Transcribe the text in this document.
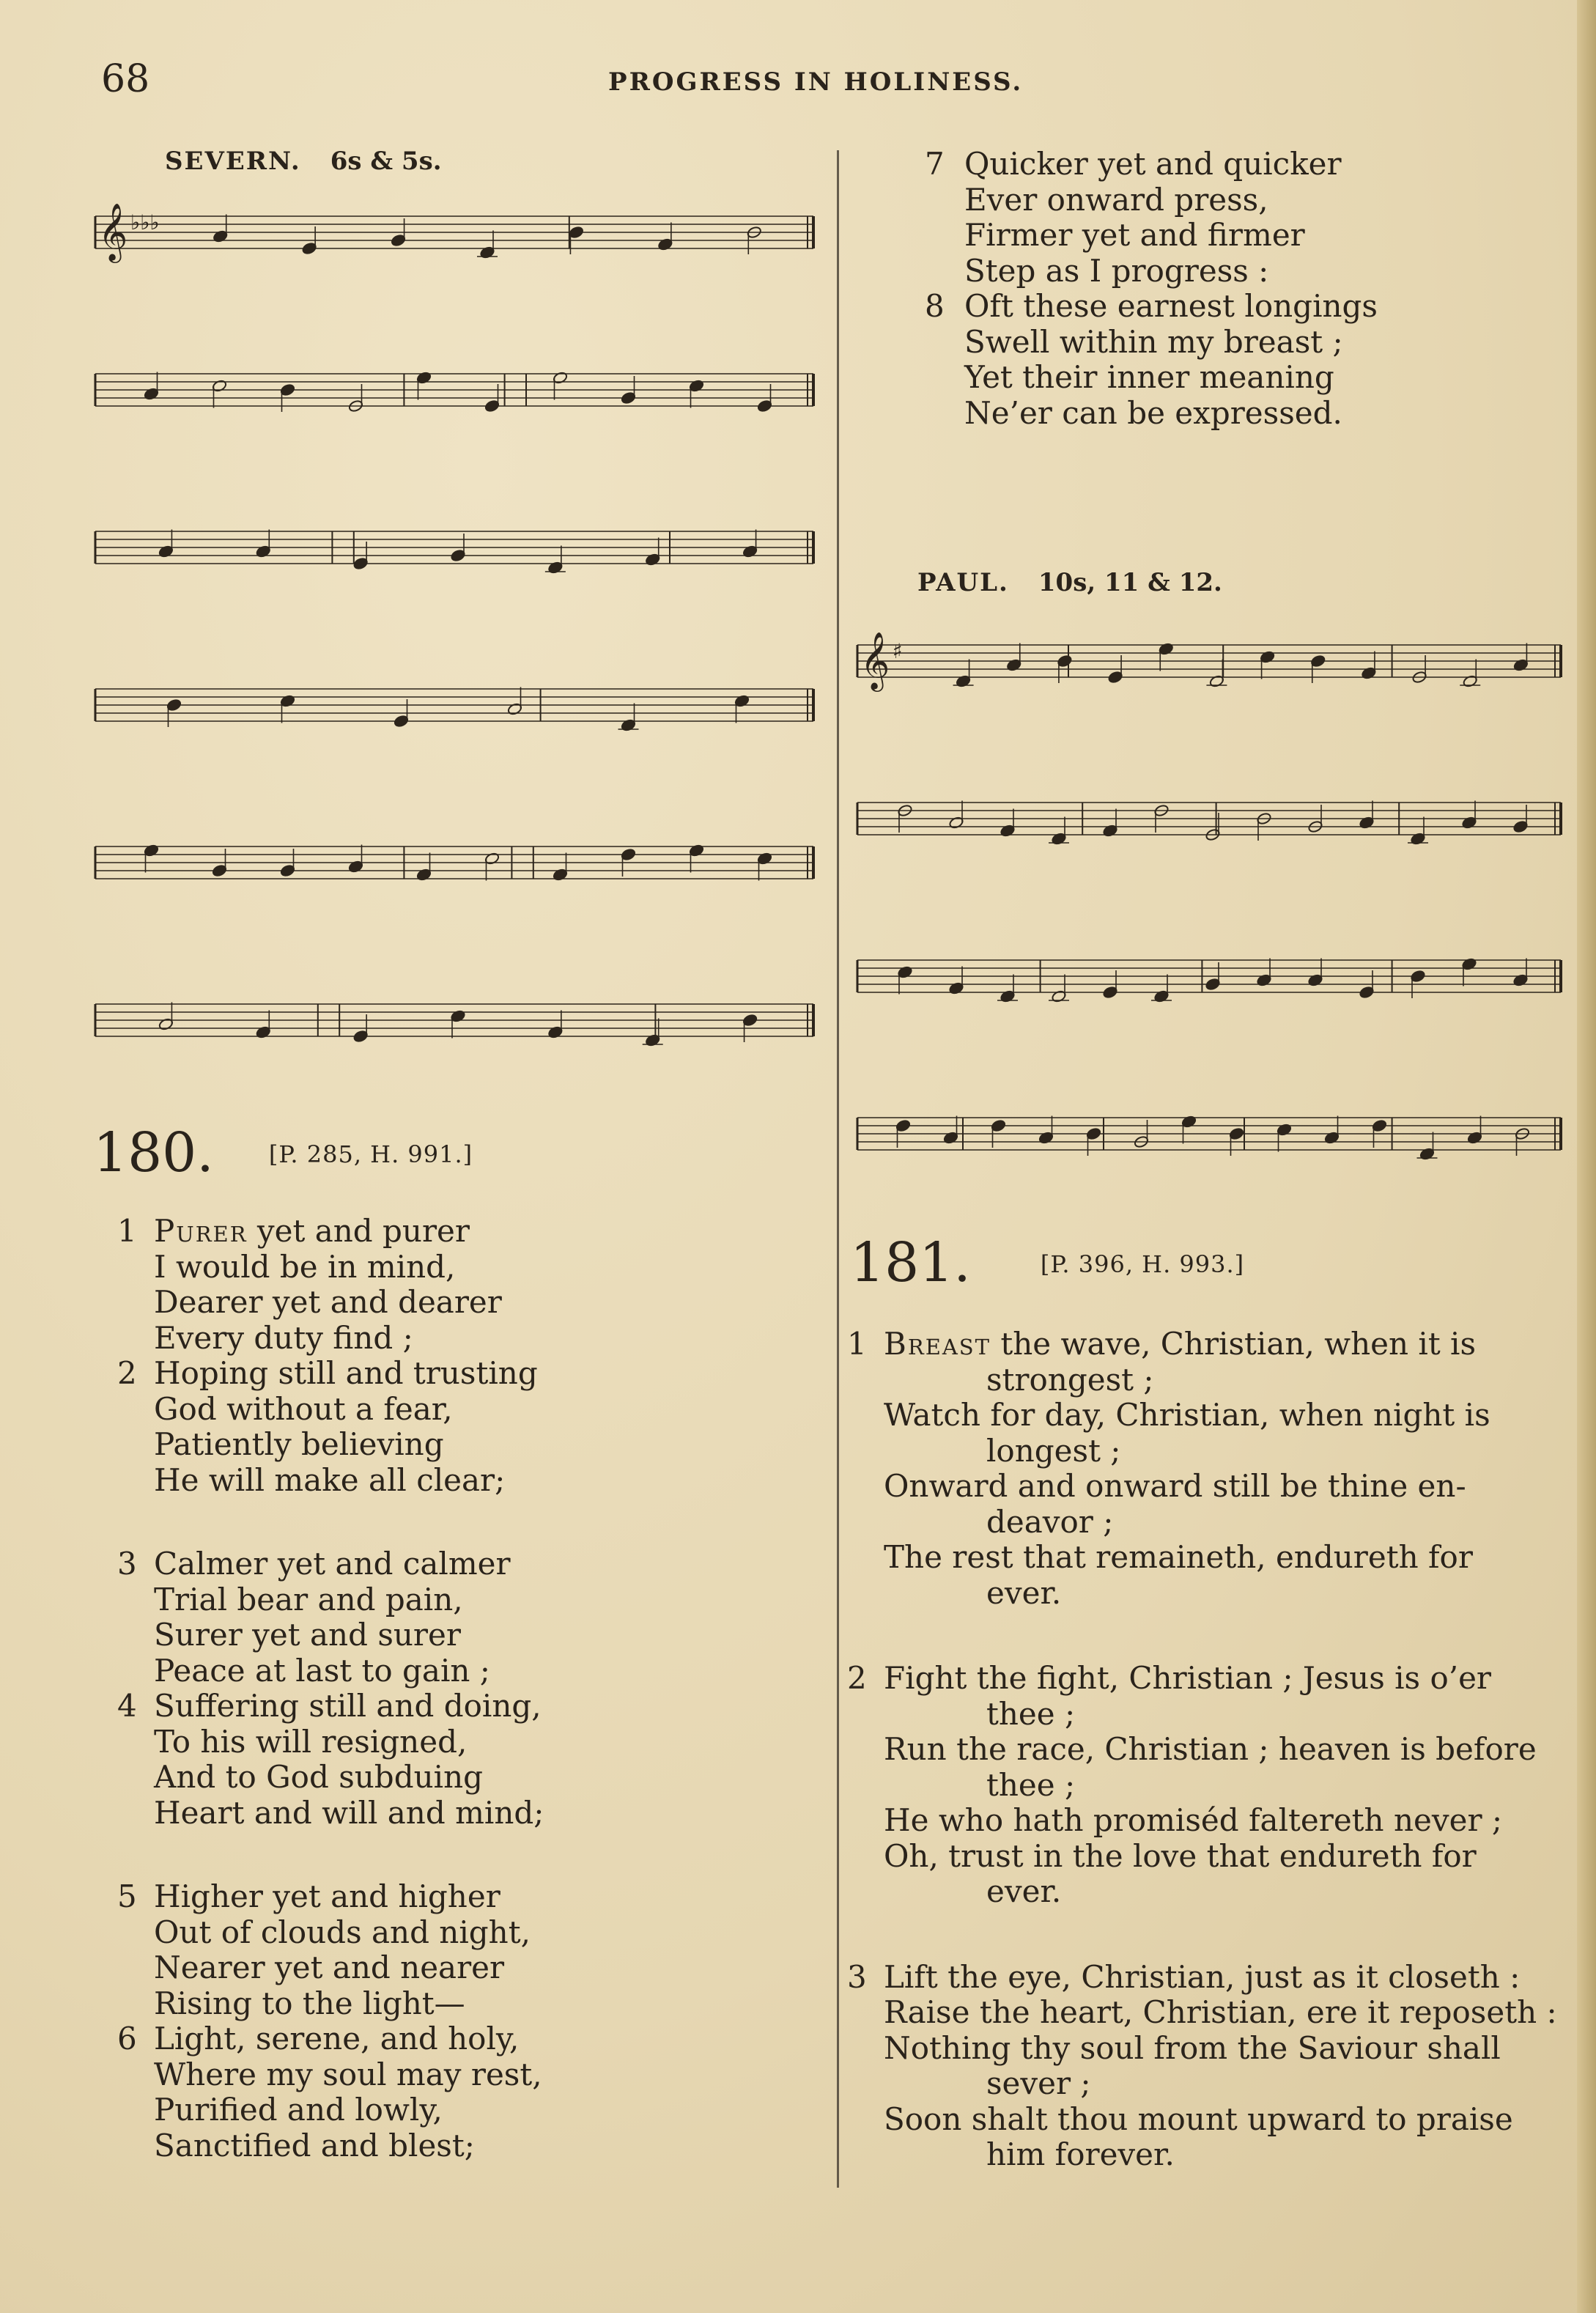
68	PROGRESS IN HOLINESS.
SEVERN. 6s & 5s.
PAUL. 10s, 11 & 12.
𝄞 ♭♭♭
𝄞 ♯
180. [P. 285, H. 991.]
1 Purer yet and purer
I would be in mind,
Dearer yet and dearer
Every duty find ;
2 Hoping still and trusting
God without a fear,
Patiently believing
He will make all clear;
3 Calmer yet and calmer
Trial bear and pain,
Surer yet and surer
Peace at last to gain ;
4 Suffering still and doing,
To his will resigned,
And to God subduing
Heart and will and mind;
5 Higher yet and higher
Out of clouds and night,
Nearer yet and nearer
Rising to the light—
6 Light, serene, and holy,
Where my soul may rest,
Purified and lowly,
Sanctified and blest;
7 Quicker yet and quicker
Ever onward press,
Firmer yet and firmer
Step as I progress :
8 Oft these earnest longings
Swell within my breast ;
Yet their inner meaning
Ne’er can be expressed.
181.	[P. 396, H. 993.]
1 Breast the wave, Christian, when it is
strongest ;
Watch for day, Christian, when night is
longest ;
Onward and onward still be thine en-
deavor ;
The rest that remaineth, endureth for
ever.
2 Fight the fight, Christian ; Jesus is o’er
thee ;
Run the race, Christian ; heaven is before
thee ;
He who hath promiséd faltereth never ;
Oh, trust in the love that endureth for
ever.
3 Lift the eye, Christian, just as it closeth :
Raise the heart, Christian, ere it reposeth :
Nothing thy soul from the Saviour shall
sever ;
Soon shalt thou mount upward to praise
him forever.
